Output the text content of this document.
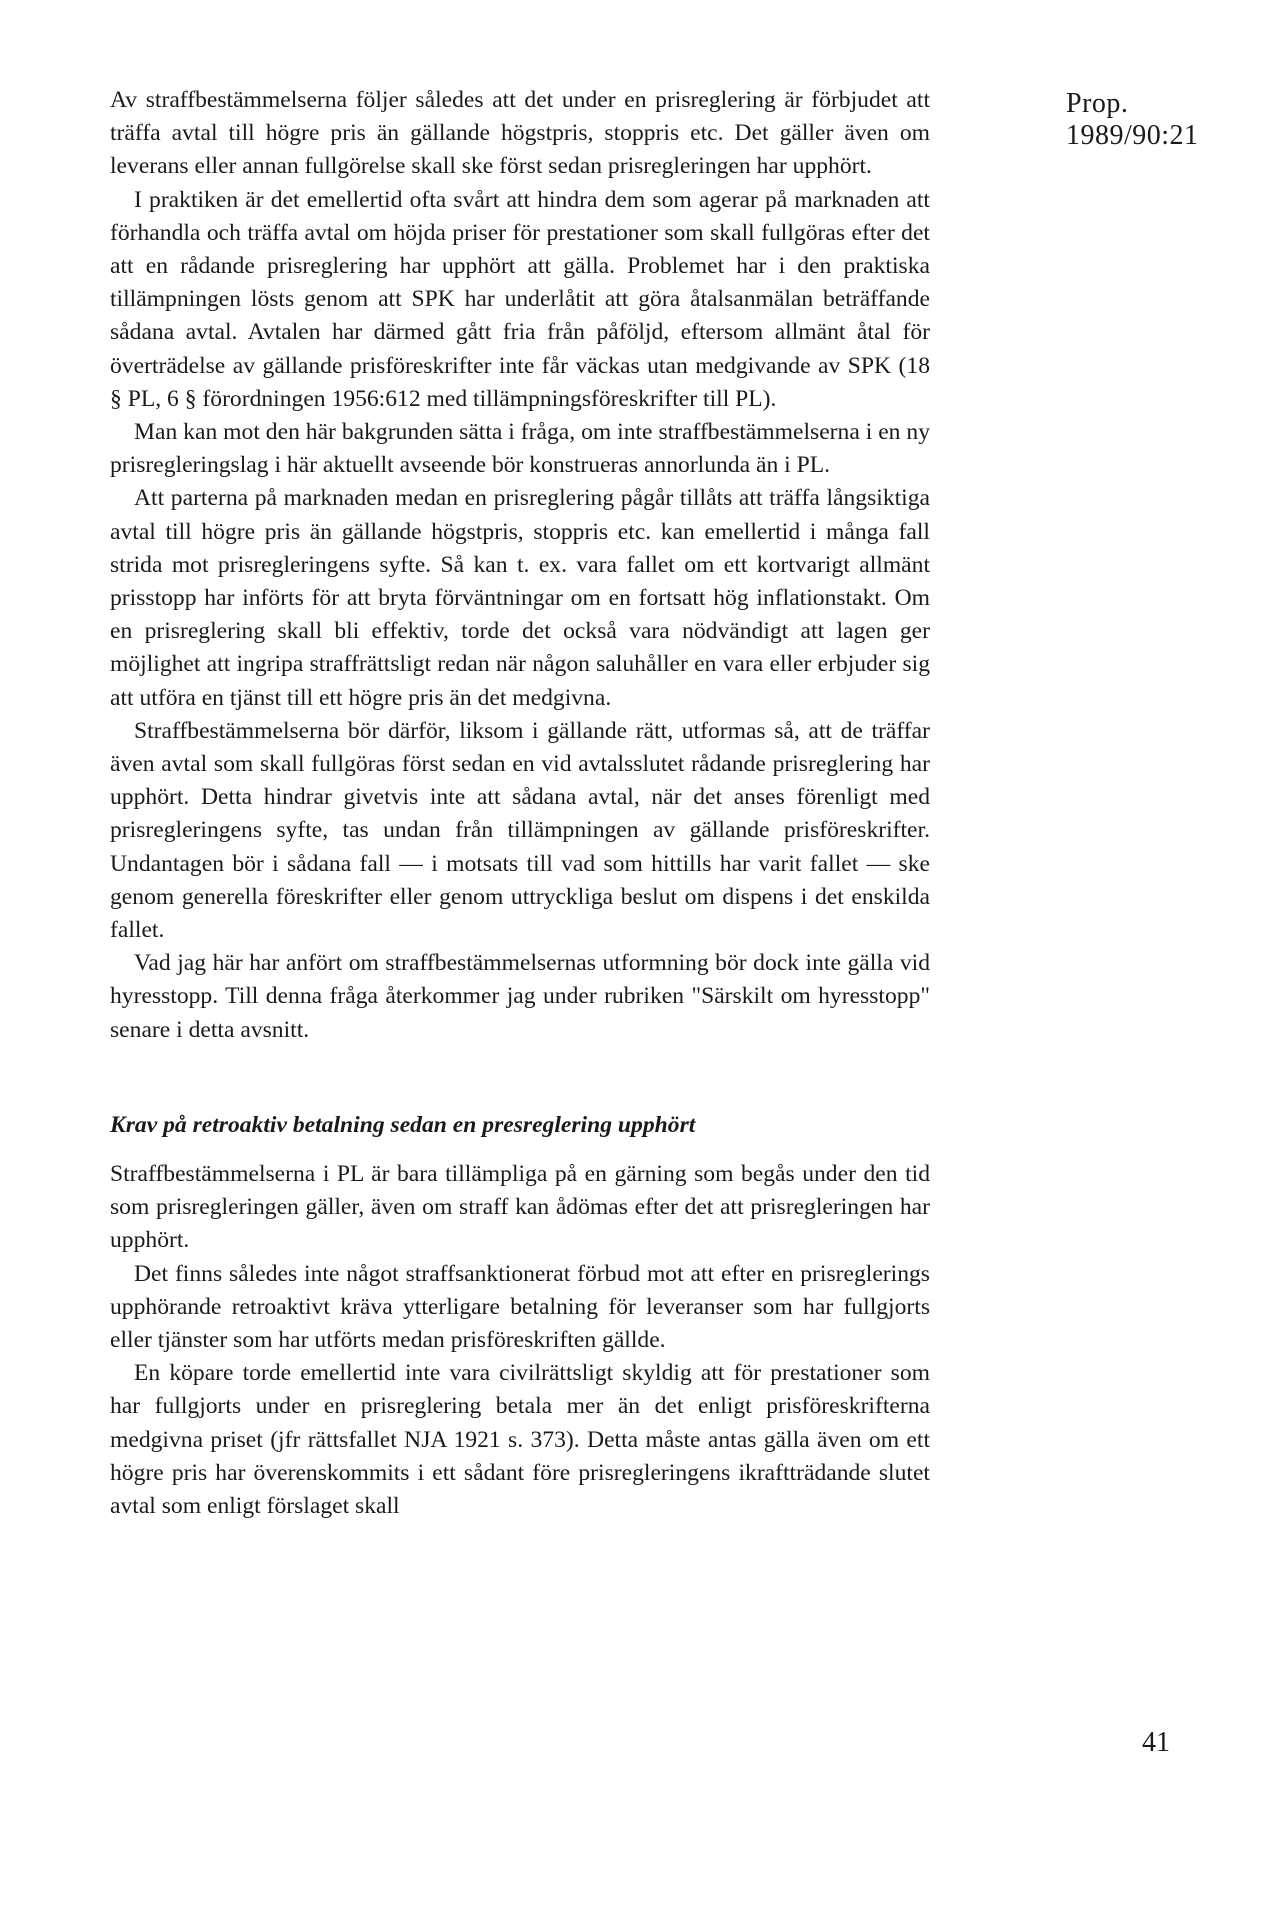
Prop. 1989/90:21

Av straffbestämmelserna följer således att det under en prisreglering är förbjudet att träffa avtal till högre pris än gällande högstpris, stoppris etc. Det gäller även om leverans eller annan fullgörelse skall ske först sedan prisregleringen har upphört.

I praktiken är det emellertid ofta svårt att hindra dem som agerar på marknaden att förhandla och träffa avtal om höjda priser för prestationer som skall fullgöras efter det att en rådande prisreglering har upphört att gälla. Problemet har i den praktiska tillämpningen lösts genom att SPK har underlåtit att göra åtalsanmälan beträffande sådana avtal. Avtalen har därmed gått fria från påföljd, eftersom allmänt åtal för överträdelse av gällande prisföreskrifter inte får väckas utan medgivande av SPK (18 § PL, 6 § förordningen 1956:612 med tillämpningsföreskrifter till PL).

Man kan mot den här bakgrunden sätta i fråga, om inte straffbestämmelserna i en ny prisregleringslag i här aktuellt avseende bör konstrueras annorlunda än i PL.

Att parterna på marknaden medan en prisreglering pågår tillåts att träffa långsiktiga avtal till högre pris än gällande högstpris, stoppris etc. kan emellertid i många fall strida mot prisregleringens syfte. Så kan t. ex. vara fallet om ett kortvarigt allmänt prisstopp har införts för att bryta förväntningar om en fortsatt hög inflationstakt. Om en prisreglering skall bli effektiv, torde det också vara nödvändigt att lagen ger möjlighet att ingripa straffrättsligt redan när någon saluhåller en vara eller erbjuder sig att utföra en tjänst till ett högre pris än det medgivna.

Straffbestämmelserna bör därför, liksom i gällande rätt, utformas så, att de träffar även avtal som skall fullgöras först sedan en vid avtalsslutet rådande prisreglering har upphört. Detta hindrar givetvis inte att sådana avtal, när det anses förenligt med prisregleringens syfte, tas undan från tillämpningen av gällande prisföreskrifter. Undantagen bör i sådana fall — i motsats till vad som hittills har varit fallet — ske genom generella föreskrifter eller genom uttryckliga beslut om dispens i det enskilda fallet.

Vad jag här har anfört om straffbestämmelsernas utformning bör dock inte gälla vid hyresstopp. Till denna fråga återkommer jag under rubriken "Särskilt om hyresstopp" senare i detta avsnitt.

Krav på retroaktiv betalning sedan en presreglering upphört

Straffbestämmelserna i PL är bara tillämpliga på en gärning som begås under den tid som prisregleringen gäller, även om straff kan ådömas efter det att prisregleringen har upphört.

Det finns således inte något straffsanktionerat förbud mot att efter en prisreglerings upphörande retroaktivt kräva ytterligare betalning för leveranser som har fullgjorts eller tjänster som har utförts medan prisföreskriften gällde.

En köpare torde emellertid inte vara civilrättsligt skyldig att för prestationer som har fullgjorts under en prisreglering betala mer än det enligt prisföreskrifterna medgivna priset (jfr rättsfallet NJA 1921 s. 373). Detta måste antas gälla även om ett högre pris har överenskommits i ett sådant före prisregleringens ikraftträdande slutet avtal som enligt förslaget skall

41
